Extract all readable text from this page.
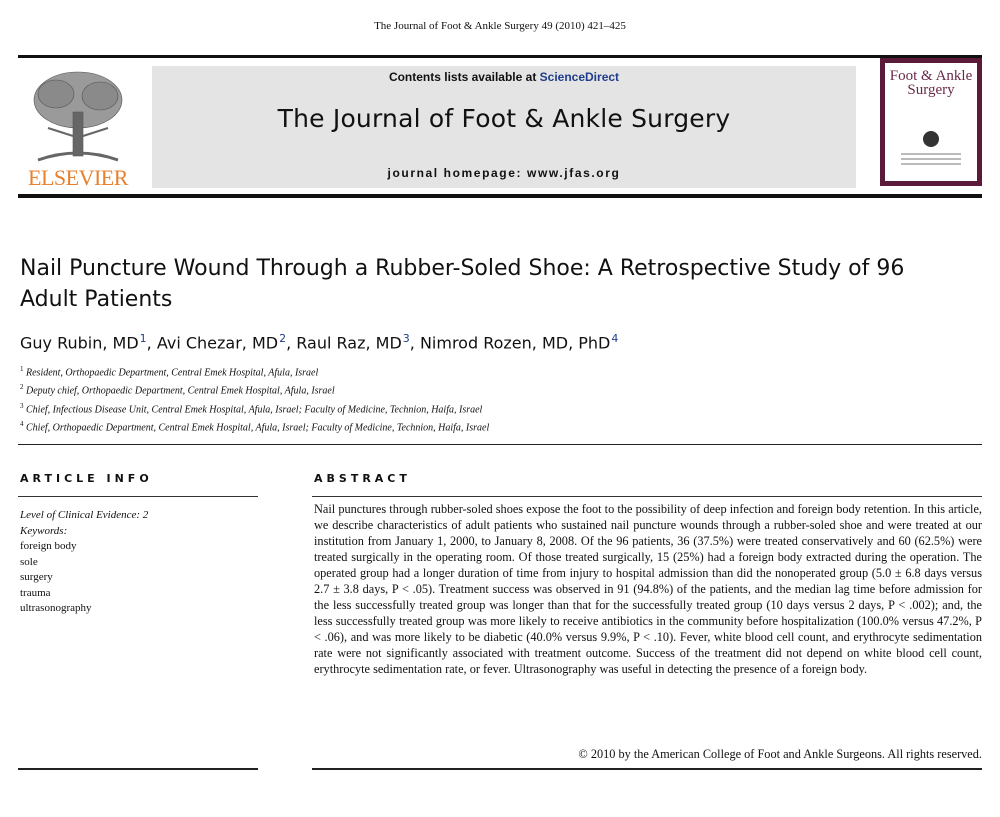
The Journal of Foot & Ankle Surgery 49 (2010) 421–425
ELSEVIER
Contents lists available at ScienceDirect
The Journal of Foot & Ankle Surgery
journal homepage: www.jfas.org
Foot & Ankle Surgery
Nail Puncture Wound Through a Rubber-Soled Shoe: A Retrospective Study of 96 Adult Patients
Guy Rubin, $MD^1$, Avi Chezar, $MD^2$, Raul Raz, $MD^3$, Nimrod Rozen, MD, PhD$^4$
$^1$ Resident, Orthopaedic Department, Central Emek Hospital, Afula, Israel
$^2$ Deputy chief, Orthopaedic Department, Central Emek Hospital, Afula, Israel
$^3$ Chief, Infectious Disease Unit, Central Emek Hospital, Afula, Israel; Faculty of Medicine, Technion, Haifa, Israel
$^4$ Chief, Orthopaedic Department, Central Emek Hospital, Afula, Israel; Faculty of Medicine, Technion, Haifa, Israel
ARTICLE INFO	ABSTRACT
Level of Clinical Evidence: 2
Keywords:
foreign body
sole
surgery
trauma
ultrasonography

Nail punctures through rubber-soled shoes expose the foot to the possibility of deep infection and foreign body retention. In this article, we describe characteristics of adult patients who sustained nail puncture wounds through a rubber-soled shoe and were treated at our institution from January 1, 2000, to January 8, 2008. Of the 96 patients, 36 (37.5%) were treated conservatively and 60 (62.5%) were treated surgically in the operating room. Of those treated surgically, 15 (25%) had a foreign body extracted during the operation. The operated group had a longer duration of time from injury to hospital admission than did the nonoperated group (5.0 ± 6.8 days versus 2.7 ± 3.8 days, P < .05). Treatment success was observed in 91 (94.8%) of the patients, and the median lag time before admission for the less successfully treated group was longer than that for the successfully treated group (10 days versus 2 days, P < .002); and, the less successfully treated group was more likely to receive antibiotics in the community before hospitalization (100.0% versus 47.2%, P < .06), and was more likely to be diabetic (40.0% versus 9.9%, P < .10). Fever, white blood cell count, and erythrocyte sedimentation rate were not significantly associated with treatment outcome. Success of the treatment did not depend on white blood cell count, erythrocyte sedimentation rate, or fever. Ultrasonography was useful in detecting the presence of a foreign body.

© 2010 by the American College of Foot and Ankle Surgeons. All rights reserved.
